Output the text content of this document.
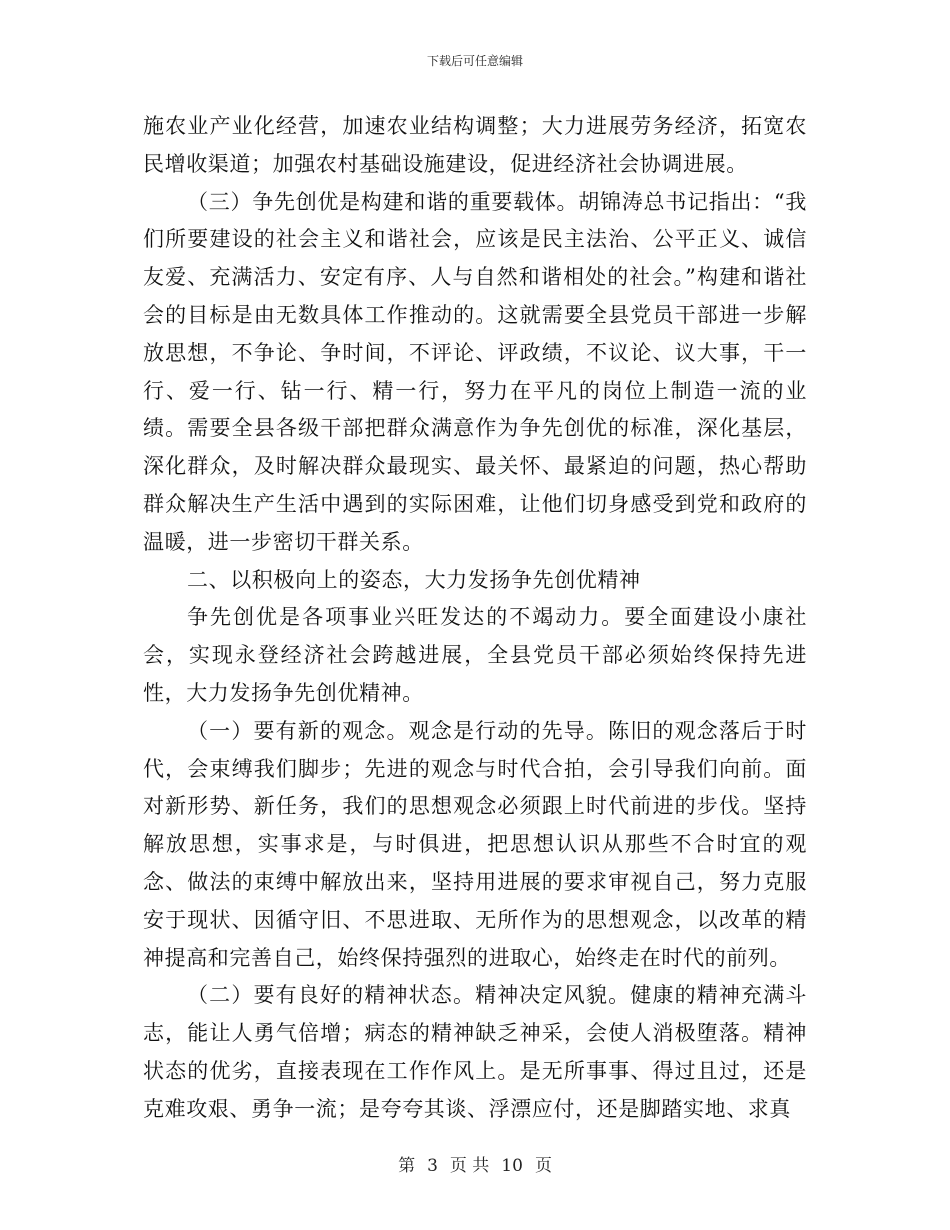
下载后可任意编辑

施农业产业化经营，加速农业结构调整；大力进展劳务经济，拓宽农民增收渠道；加强农村基础设施建设，促进经济社会协调进展。

（三）争先创优是构建和谐的重要载体。胡锦涛总书记指出：“我们所要建设的社会主义和谐社会，应该是民主法治、公平正义、诚信友爱、充满活力、安定有序、人与自然和谐相处的社会。”构建和谐社会的目标是由无数具体工作推动的。这就需要全县党员干部进一步解放思想，不争论、争时间，不评论、评政绩，不议论、议大事，干一行、爱一行、钻一行、精一行，努力在平凡的岗位上制造一流的业绩。需要全县各级干部把群众满意作为争先创优的标准，深化基层，深化群众，及时解决群众最现实、最关怀、最紧迫的问题，热心帮助群众解决生产生活中遇到的实际困难，让他们切身感受到党和政府的温暖，进一步密切干群关系。

二、以积极向上的姿态，大力发扬争先创优精神

争先创优是各项事业兴旺发达的不竭动力。要全面建设小康社会，实现永登经济社会跨越进展，全县党员干部必须始终保持先进性，大力发扬争先创优精神。

（一）要有新的观念。观念是行动的先导。陈旧的观念落后于时代，会束缚我们脚步；先进的观念与时代合拍，会引导我们向前。面对新形势、新任务，我们的思想观念必须跟上时代前进的步伐。坚持解放思想，实事求是，与时俱进，把思想认识从那些不合时宜的观念、做法的束缚中解放出来，坚持用进展的要求审视自己，努力克服安于现状、因循守旧、不思进取、无所作为的思想观念，以改革的精神提高和完善自己，始终保持强烈的进取心，始终走在时代的前列。

（二）要有良好的精神状态。精神决定风貌。健康的精神充满斗志，能让人勇气倍增；病态的精神缺乏神采，会使人消极堕落。精神状态的优劣，直接表现在工作作风上。是无所事事、得过且过，还是克难攻艰、勇争一流；是夸夸其谈、浮漂应付，还是脚踏实地、求真

第 3 页 共 10 页
